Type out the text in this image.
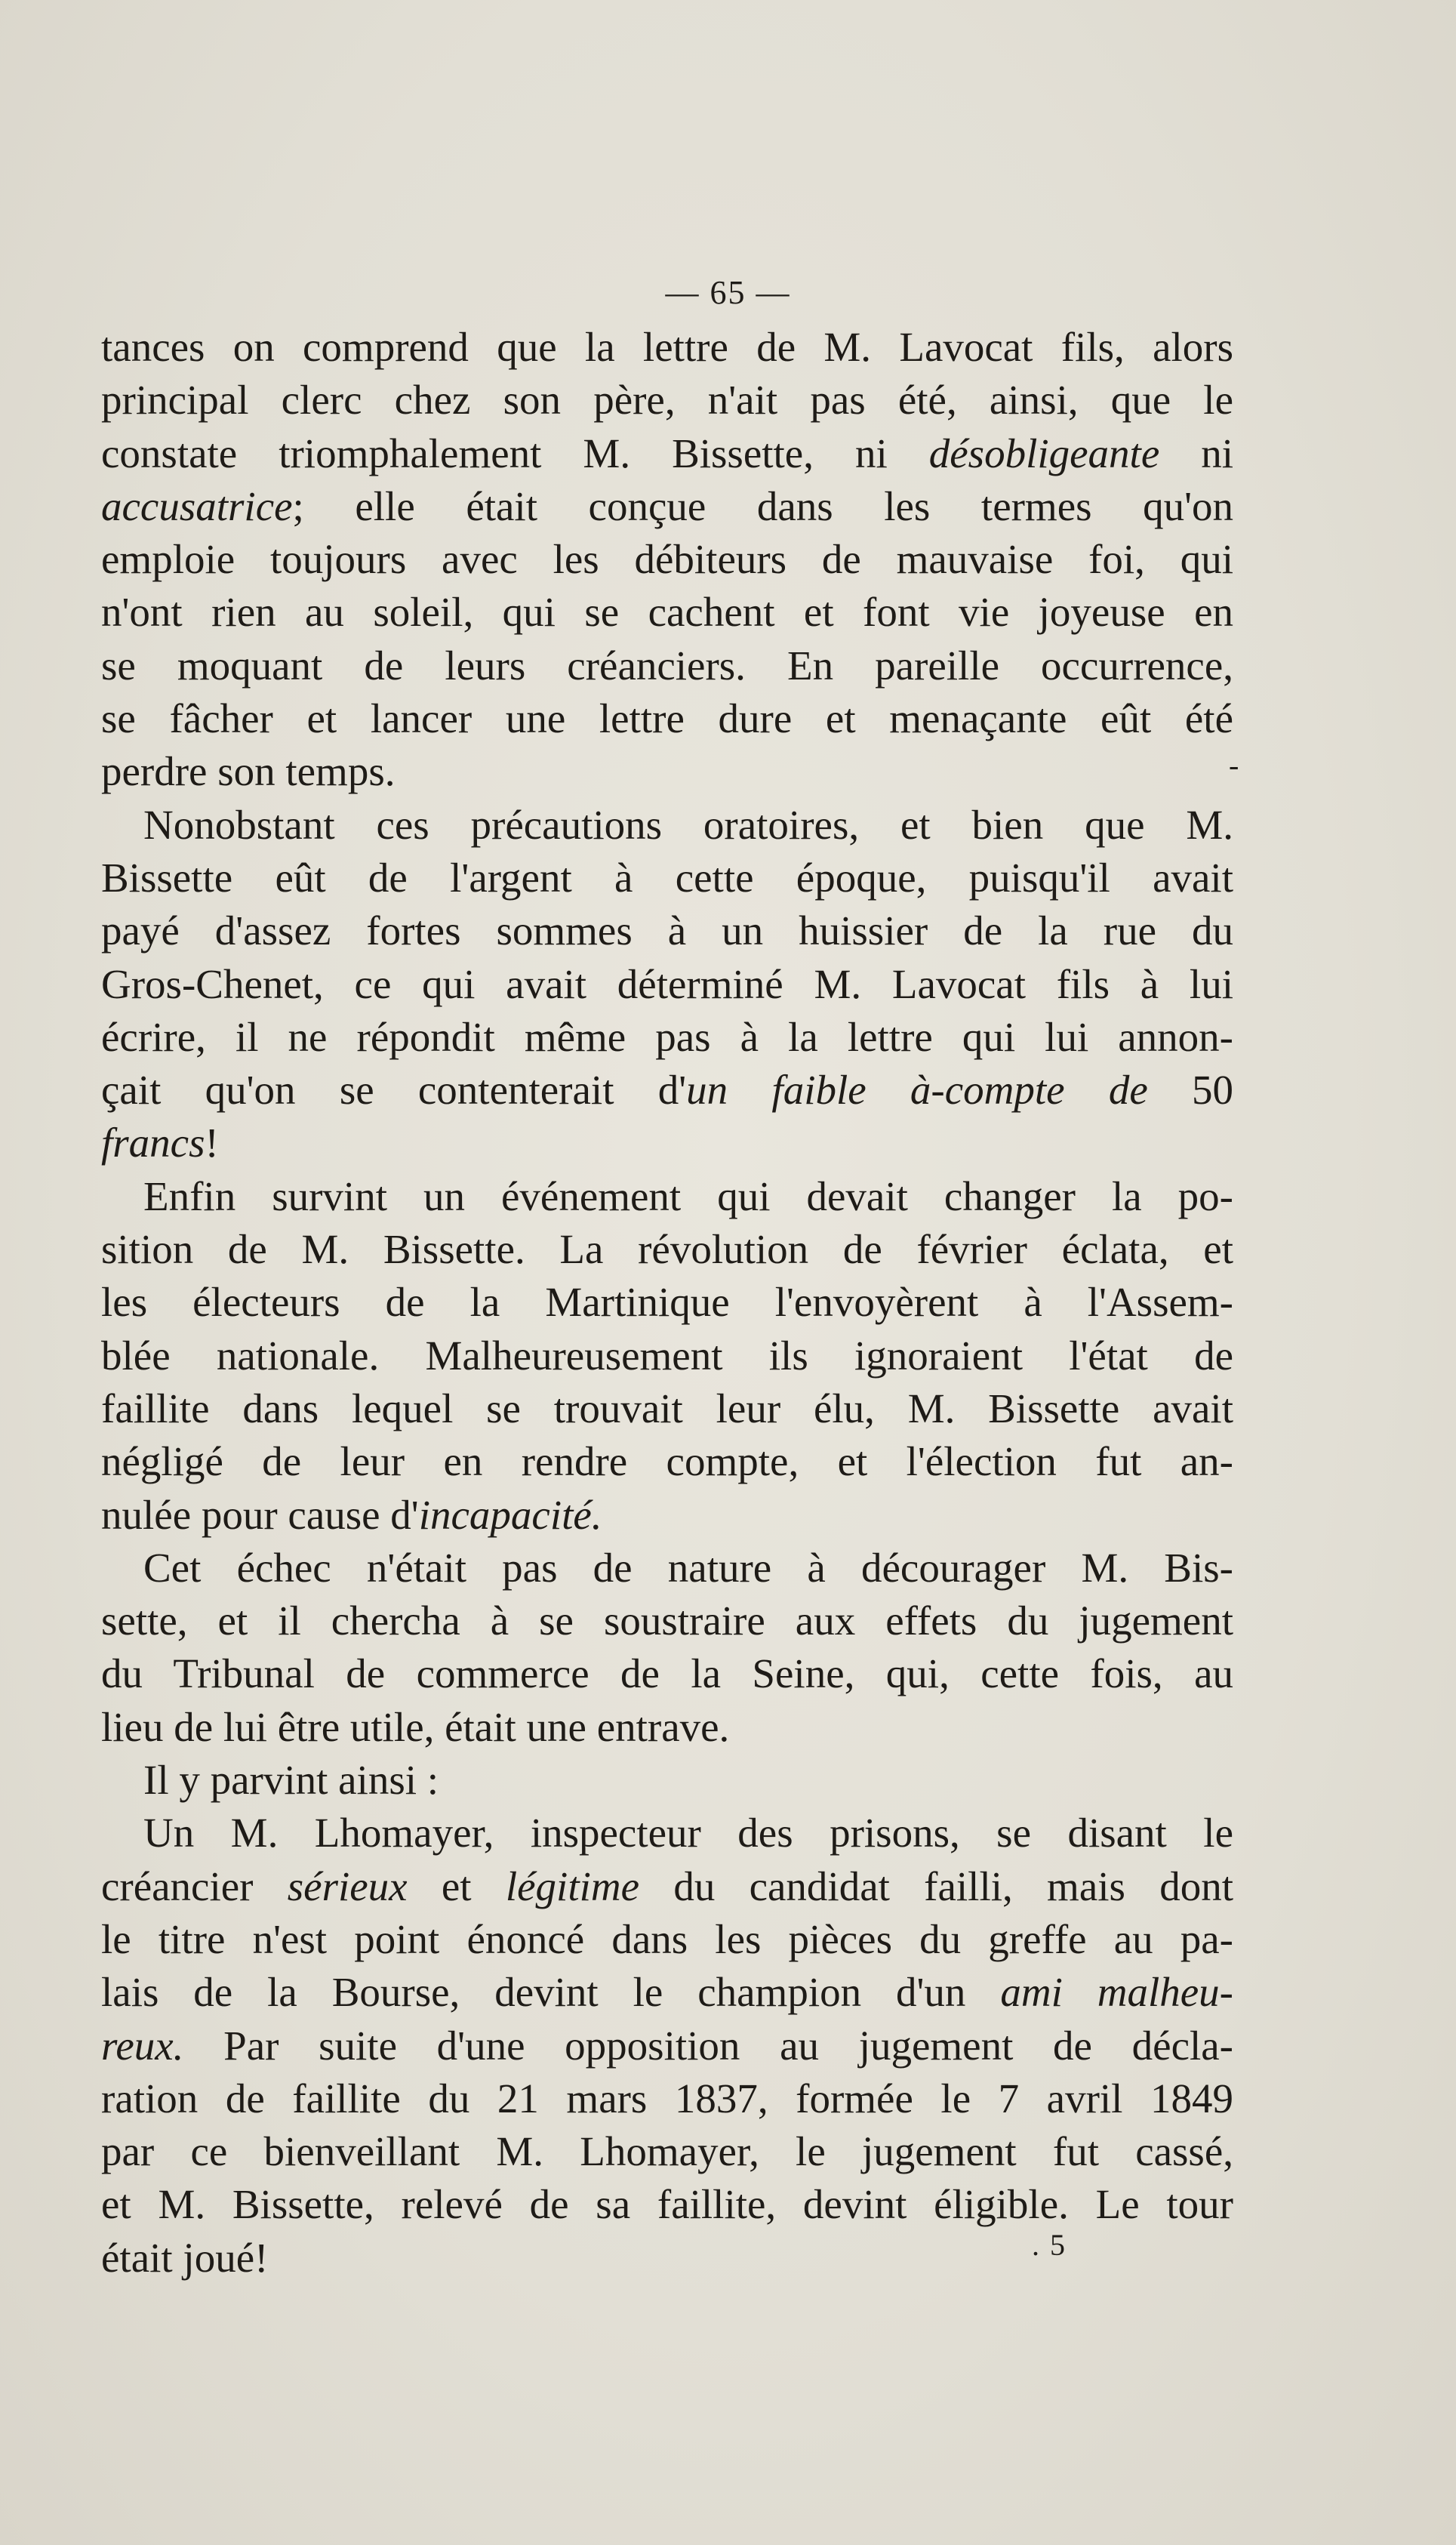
— 65 —
-
tances on comprend que la lettre de M. Lavocat fils, alors
principal clerc chez son père, n'ait pas été, ainsi, que le
constate triomphalement M. Bissette, ni désobligeante ni
accusatrice; elle était conçue dans les termes qu'on
emploie toujours avec les débiteurs de mauvaise foi, qui
n'ont rien au soleil, qui se cachent et font vie joyeuse en
se moquant de leurs créanciers. En pareille occurrence,
se fâcher et lancer une lettre dure et menaçante eût été
perdre son temps.
Nonobstant ces précautions oratoires, et bien que M.
Bissette eût de l'argent à cette époque, puisqu'il avait
payé d'assez fortes sommes à un huissier de la rue du
Gros-Chenet, ce qui avait déterminé M. Lavocat fils à lui
écrire, il ne répondit même pas à la lettre qui lui annon-
çait qu'on se contenterait d'un faible à-compte de 50
francs!
Enfin survint un événement qui devait changer la po-
sition de M. Bissette. La révolution de février éclata, et
les électeurs de la Martinique l'envoyèrent à l'Assem-
blée nationale. Malheureusement ils ignoraient l'état de
faillite dans lequel se trouvait leur élu, M. Bissette avait
négligé de leur en rendre compte, et l'élection fut an-
nulée pour cause d'incapacité.
Cet échec n'était pas de nature à décourager M. Bis-
sette, et il chercha à se soustraire aux effets du jugement
du Tribunal de commerce de la Seine, qui, cette fois, au
lieu de lui être utile, était une entrave.
Il y parvint ainsi :
Un M. Lhomayer, inspecteur des prisons, se disant le
créancier sérieux et légitime du candidat failli, mais dont
le titre n'est point énoncé dans les pièces du greffe au pa-
lais de la Bourse, devint le champion d'un ami malheu-
reux. Par suite d'une opposition au jugement de décla-
ration de faillite du 21 mars 1837, formée le 7 avril 1849
par ce bienveillant M. Lhomayer, le jugement fut cassé,
et M. Bissette, relevé de sa faillite, devint éligible. Le tour
était joué!	. 5
